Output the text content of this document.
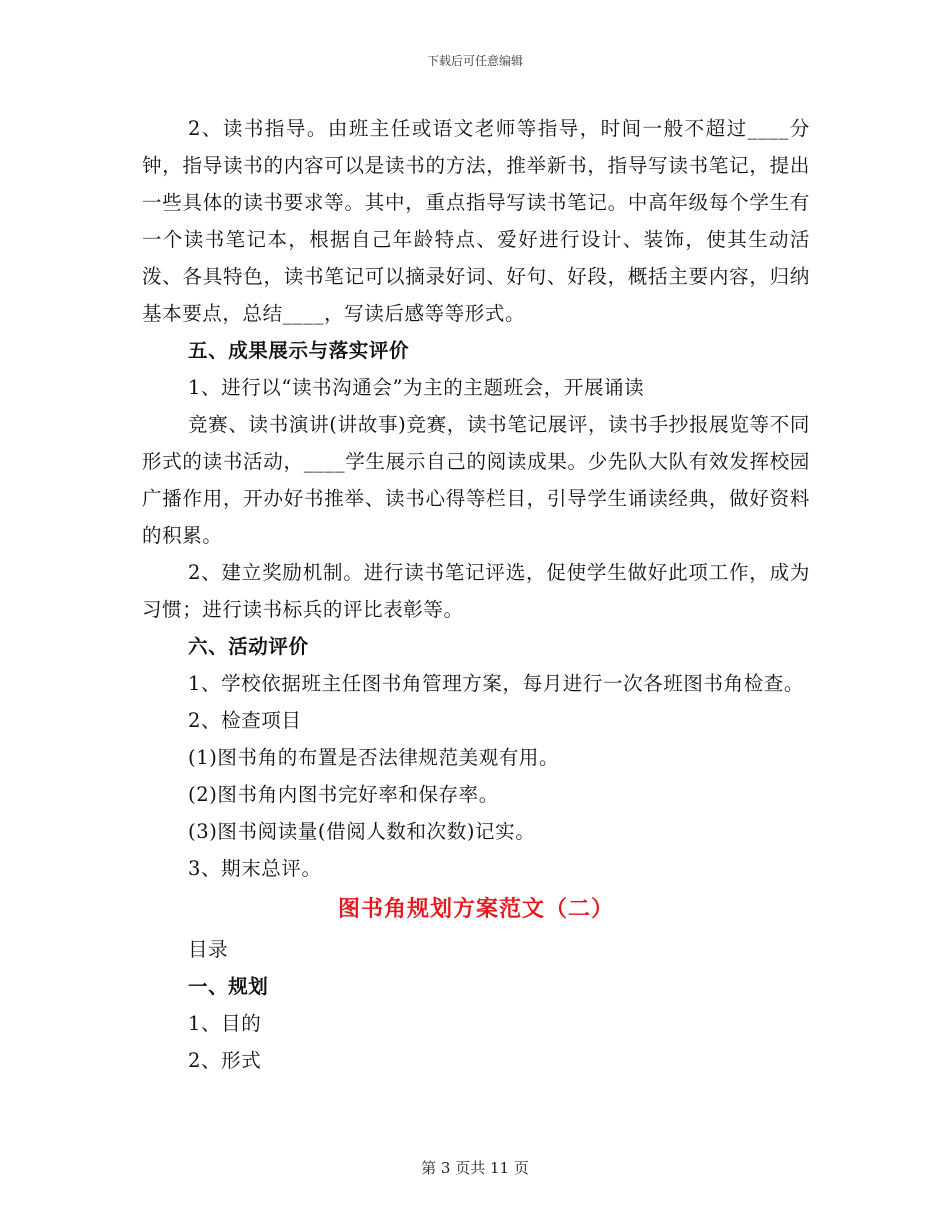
下载后可任意编辑

2、读书指导。由班主任或语文老师等指导，时间一般不超过____分钟，指导读书的内容可以是读书的方法，推举新书，指导写读书笔记，提出一些具体的读书要求等。其中，重点指导写读书笔记。中高年级每个学生有一个读书笔记本，根据自己年龄特点、爱好进行设计、装饰，使其生动活泼、各具特色，读书笔记可以摘录好词、好句、好段，概括主要内容，归纳基本要点，总结____，写读后感等等形式。

五、成果展示与落实评价

1、进行以“读书沟通会”为主的主题班会，开展诵读

竞赛、读书演讲(讲故事)竞赛，读书笔记展评，读书手抄报展览等不同形式的读书活动，____学生展示自己的阅读成果。少先队大队有效发挥校园广播作用，开办好书推举、读书心得等栏目，引导学生诵读经典，做好资料的积累。

2、建立奖励机制。进行读书笔记评选，促使学生做好此项工作，成为习惯；进行读书标兵的评比表彰等。

六、活动评价

1、学校依据班主任图书角管理方案，每月进行一次各班图书角检查。

2、检查项目

(1)图书角的布置是否法律规范美观有用。

(2)图书角内图书完好率和保存率。

(3)图书阅读量(借阅人数和次数)记实。

3、期末总评。

图书角规划方案范文（二）

目录

一、规划

1、目的

2、形式

第 3 页共 11 页
